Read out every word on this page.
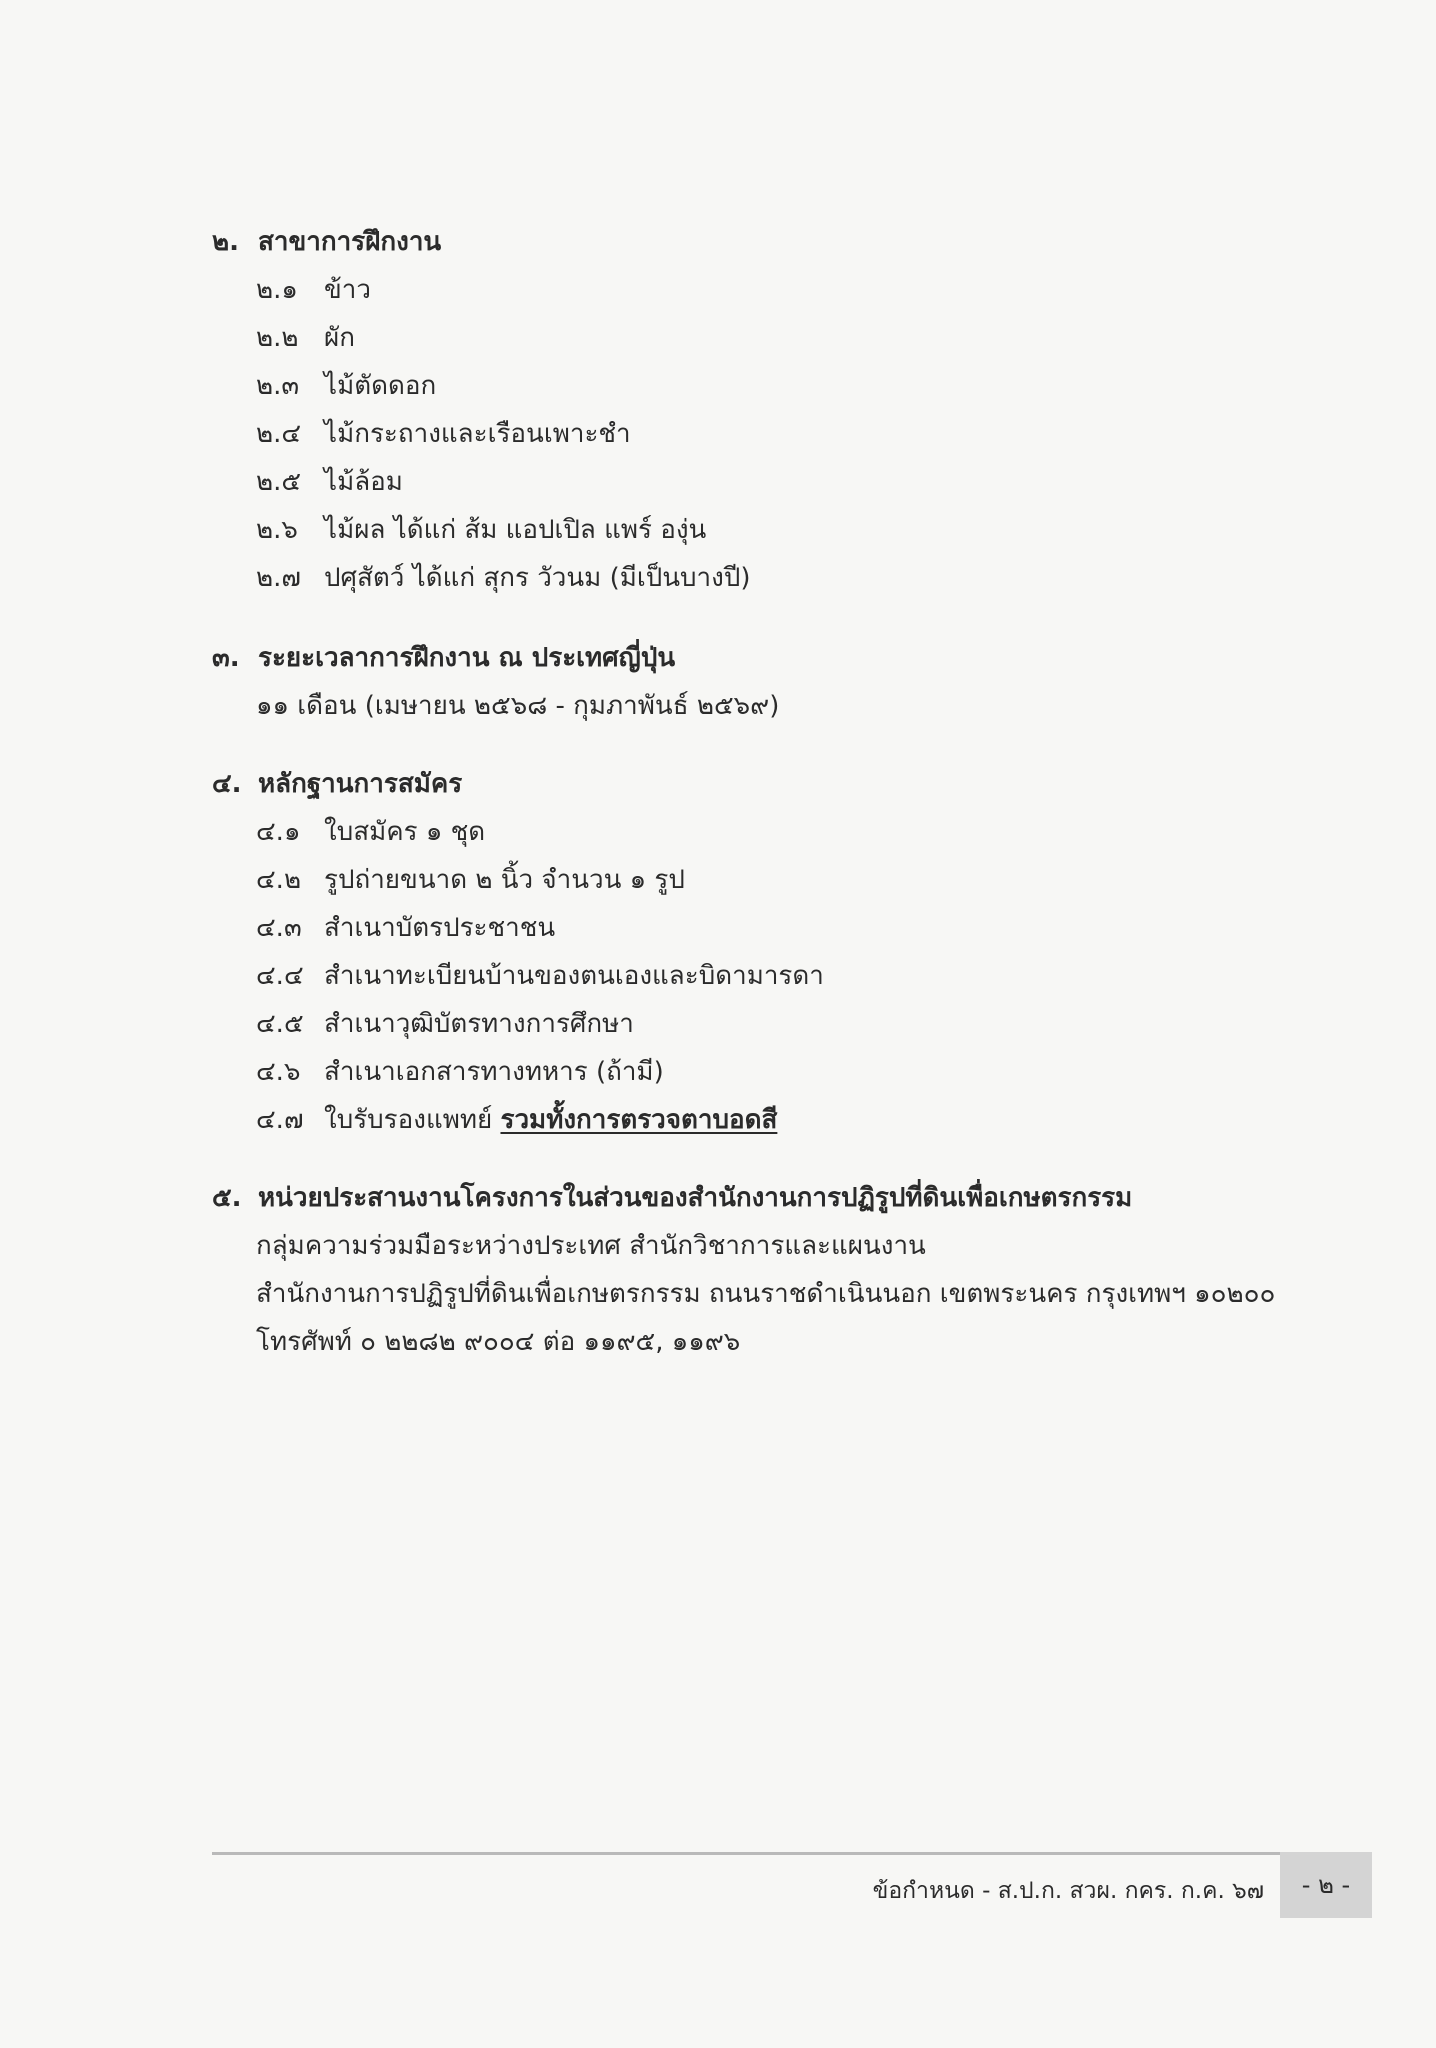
๒. สาขาการฝึกงาน
๒.๑ ข้าว
๒.๒ ผัก
๒.๓ ไม้ตัดดอก
๒.๔ ไม้กระถางและเรือนเพาะชำ
๒.๕ ไม้ล้อม
๒.๖ ไม้ผล ได้แก่ ส้ม แอปเปิล แพร์ องุ่น
๒.๗ ปศุสัตว์ ได้แก่ สุกร วัวนม (มีเป็นบางปี)
๓. ระยะเวลาการฝึกงาน ณ ประเทศญี่ปุ่น
๑๑ เดือน (เมษายน ๒๕๖๘ - กุมภาพันธ์ ๒๕๖๙)
๔. หลักฐานการสมัคร
๔.๑ ใบสมัคร ๑ ชุด
๔.๒ รูปถ่ายขนาด ๒ นิ้ว จำนวน ๑ รูป
๔.๓ สำเนาบัตรประชาชน
๔.๔ สำเนาทะเบียนบ้านของตนเองและบิดามารดา
๔.๕ สำเนาวุฒิบัตรทางการศึกษา
๔.๖ สำเนาเอกสารทางทหาร (ถ้ามี)
๔.๗ ใบรับรองแพทย์ รวมทั้งการตรวจตาบอดสี
๕. หน่วยประสานงานโครงการในส่วนของสำนักงานการปฏิรูปที่ดินเพื่อเกษตรกรรม
กลุ่มความร่วมมือระหว่างประเทศ สำนักวิชาการและแผนงาน
สำนักงานการปฏิรูปที่ดินเพื่อเกษตรกรรม ถนนราชดำเนินนอก เขตพระนคร กรุงเทพฯ ๑๐๒๐๐
โทรศัพท์ ๐ ๒๒๘๒ ๙๐๐๔ ต่อ ๑๑๙๕, ๑๑๙๖
ข้อกำหนด - ส.ป.ก. สวผ. กคร. ก.ค. ๖๗	- ๒ -
